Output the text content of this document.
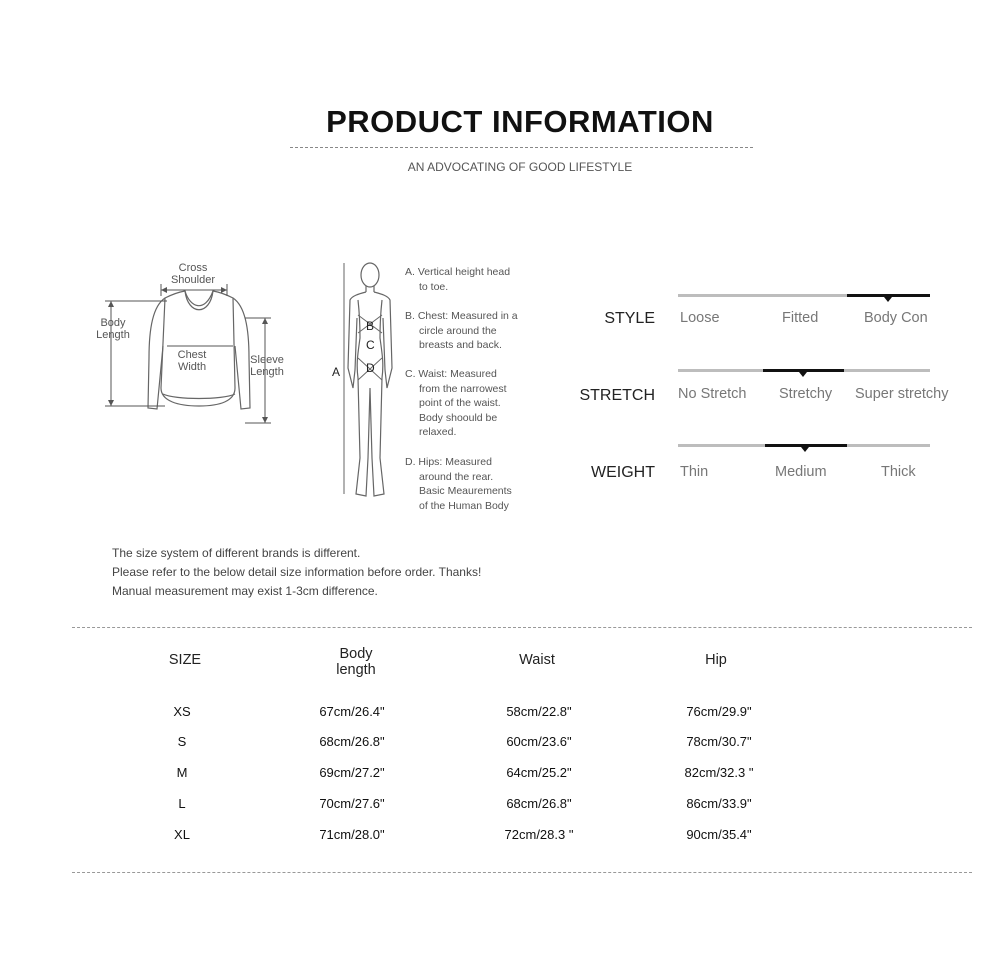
PRODUCT INFORMATION
AN ADVOCATING OF GOOD LIFESTYLE
Cross
Shoulder
Body
Length
Chest
Width
Sleeve
Length	A
B
C
D
A. Vertical height head
to toe.
B. Chest: Measured in a
circle around the
breasts and back.
C. Waist: Measured
from the narrowest
point of the waist.
Body shoould be
relaxed.
D. Hips: Measured
around the rear.
Basic Meaurements
of the Human Body
STYLE Loose	Fitted	Body Con
STRETCH No Stretch Stretchy Super stretchy
WEIGHT Thin	Medium	Thick
The size system of different brands is different.
Please refer to the below detail size information before order. Thanks!
Manual measurement may exist 1-3cm difference.
SIZE	Body
length
Waist	Hip
XS	67cm/26.4"	58cm/22.8"	76cm/29.9"
S	68cm/26.8"	60cm/23.6"	78cm/30.7"
M	69cm/27.2"	64cm/25.2"	82cm/32.3 "
L	70cm/27.6"	68cm/26.8"	86cm/33.9"
XL	71cm/28.0"	72cm/28.3 "	90cm/35.4"
